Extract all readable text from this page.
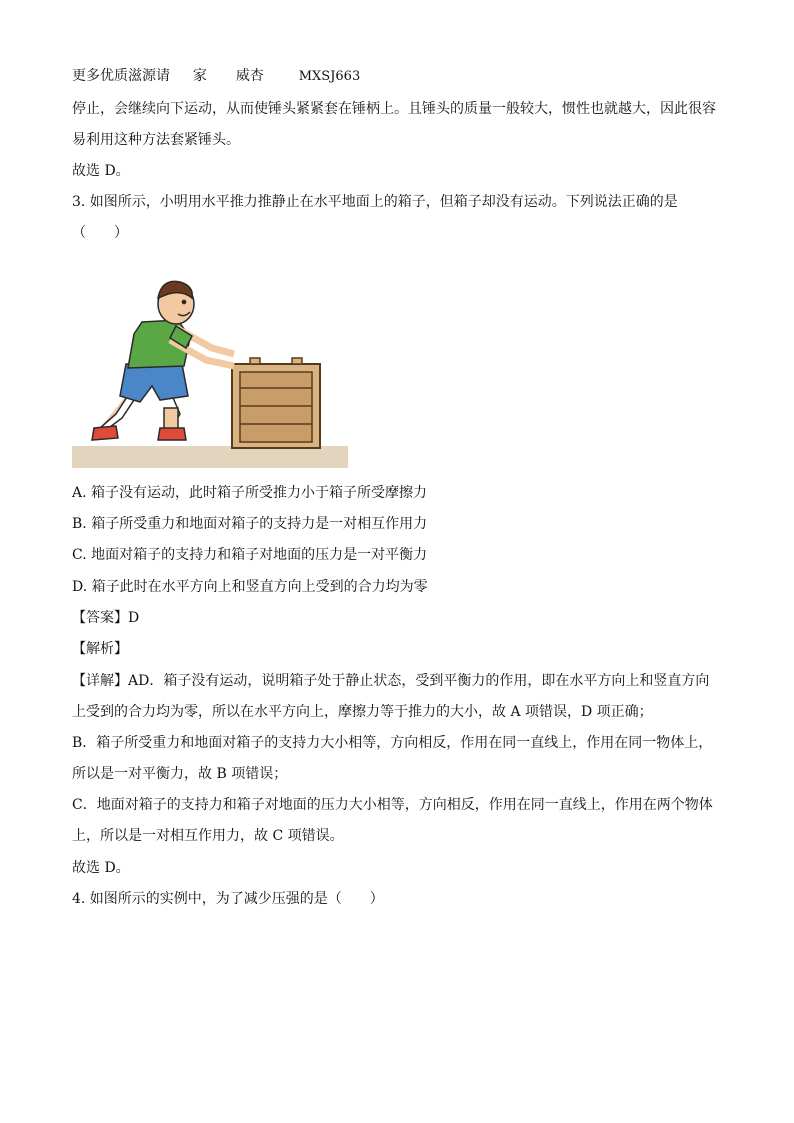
更多优质滋源请 家 威杏	MXSJ663
停止，会继续向下运动，从而使锤头紧紧套在锤柄上。且锤头的质量一般较大，惯性也就越大，因此很容
易利用这种方法套紧锤头。
故选 D。
3. 如图所示，小明用水平推力推静止在水平地面上的箱子，但箱子却没有运动。下列说法正确的是
（　　）
A. 箱子没有运动，此时箱子所受推力小于箱子所受摩擦力
B. 箱子所受重力和地面对箱子的支持力是一对相互作用力
C. 地面对箱子的支持力和箱子对地面的压力是一对平衡力
D. 箱子此时在水平方向上和竖直方向上受到的合力均为零
【答案】D
【解析】
【详解】AD．箱子没有运动，说明箱子处于静止状态，受到平衡力的作用，即在水平方向上和竖直方向
上受到的合力均为零，所以在水平方向上，摩擦力等于推力的大小，故 A 项错误，D 项正确；
B．箱子所受重力和地面对箱子的支持力大小相等，方向相反，作用在同一直线上，作用在同一物体上，
所以是一对平衡力，故 B 项错误；
C．地面对箱子的支持力和箱子对地面的压力大小相等，方向相反，作用在同一直线上，作用在两个物体
上，所以是一对相互作用力，故 C 项错误。
故选 D。
4. 如图所示的实例中，为了减少压强的是（　　）
